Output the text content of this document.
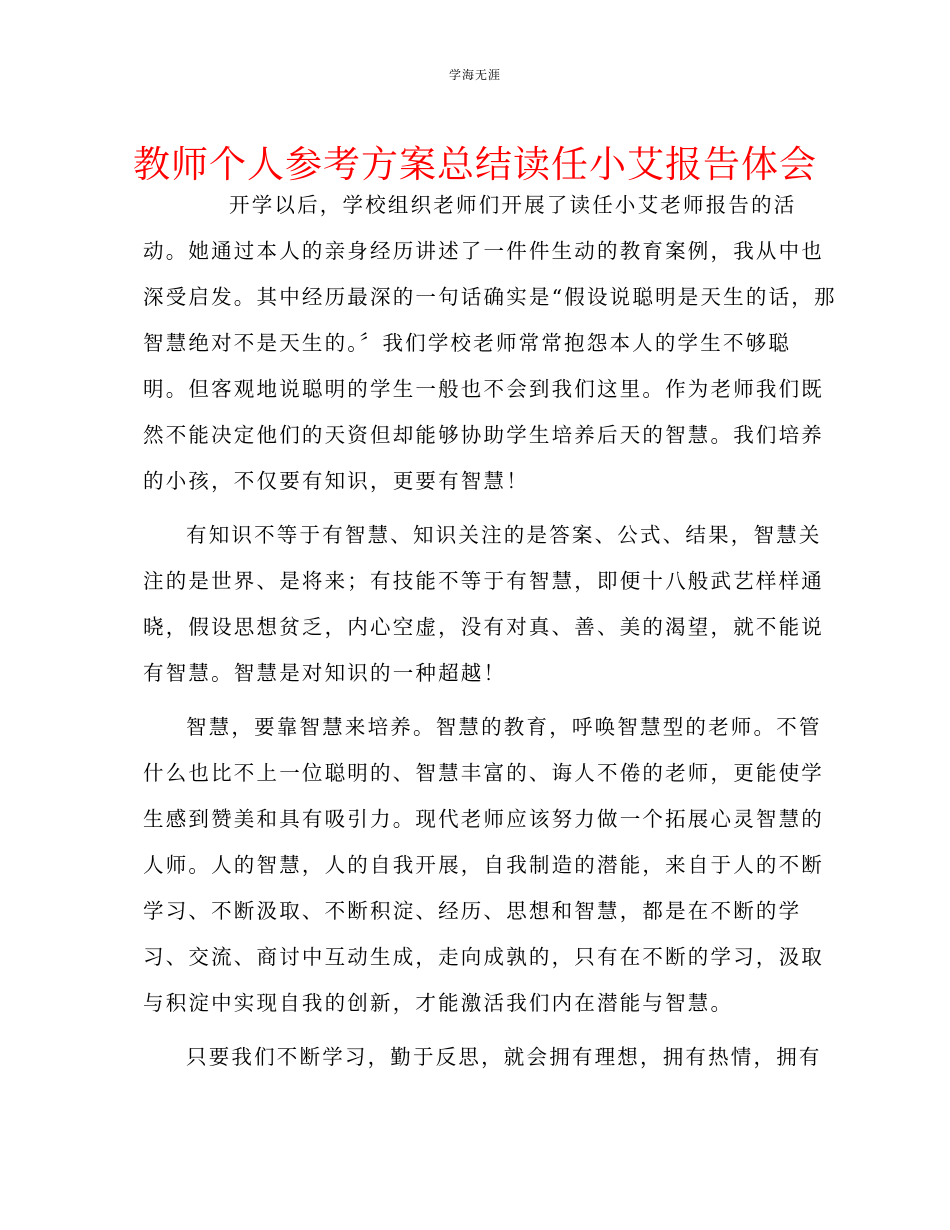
学海无涯
教师个人参考方案总结读任小艾报告体会
开学以后，学校组织老师们开展了读任小艾老师报告的活
动。她通过本人的亲身经历讲述了一件件生动的教育案例，我从中也
深受启发。其中经历最深的一句话确实是“假设说聪明是天生的话，那
智慧绝对不是天生的。〞我们学校老师常常抱怨本人的学生不够聪
明。但客观地说聪明的学生一般也不会到我们这里。作为老师我们既
然不能决定他们的天资但却能够协助学生培养后天的智慧。我们培养
的小孩，不仅要有知识，更要有智慧！
有知识不等于有智慧、知识关注的是答案、公式、结果，智慧关
注的是世界、是将来；有技能不等于有智慧，即便十八般武艺样样通
晓，假设思想贫乏，内心空虚，没有对真、善、美的渴望，就不能说
有智慧。智慧是对知识的一种超越！
智慧，要靠智慧来培养。智慧的教育，呼唤智慧型的老师。不管
什么也比不上一位聪明的、智慧丰富的、诲人不倦的老师，更能使学
生感到赞美和具有吸引力。现代老师应该努力做一个拓展心灵智慧的
人师。人的智慧，人的自我开展，自我制造的潜能，来自于人的不断
学习、不断汲取、不断积淀、经历、思想和智慧，都是在不断的学
习、交流、商讨中互动生成，走向成孰的，只有在不断的学习，汲取
与积淀中实现自我的创新，才能激活我们内在潜能与智慧。
只要我们不断学习，勤于反思，就会拥有理想，拥有热情，拥有
